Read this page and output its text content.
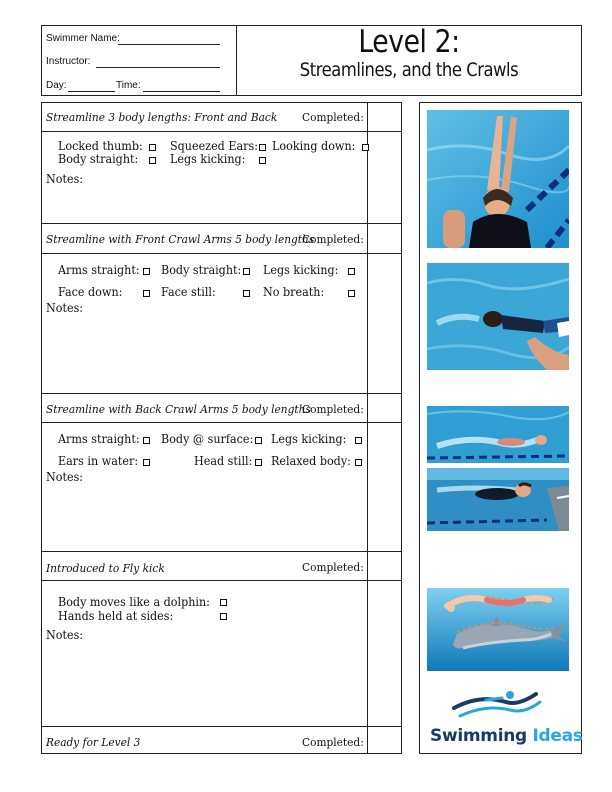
Swimmer Name:
Instructor:
Day:	Time:
Level 2:
Streamlines, and the Crawls
Streamline 3 body lengths: Front and Back Completed:
Locked thumb: Squeezed Ears: Looking down:
Body straight:	Legs kicking:
Notes:
Streamline with Front Crawl Arms 5 body lengths
Completed:
Arms straight: Body straight: Legs kicking:
Face down:	Face still:	No breath:
Notes:
Streamline with Back Crawl Arms 5 body lengths
Completed:
Arms straight: Body @ surface: Legs kicking:
Ears in water:	Head still: Relaxed body:
Notes:
Introduced to Fly kick	Completed:
Body moves like a dolphin:
Hands held at sides:
Notes:
Ready for Level 3	Completed:	Swimming Ideas
